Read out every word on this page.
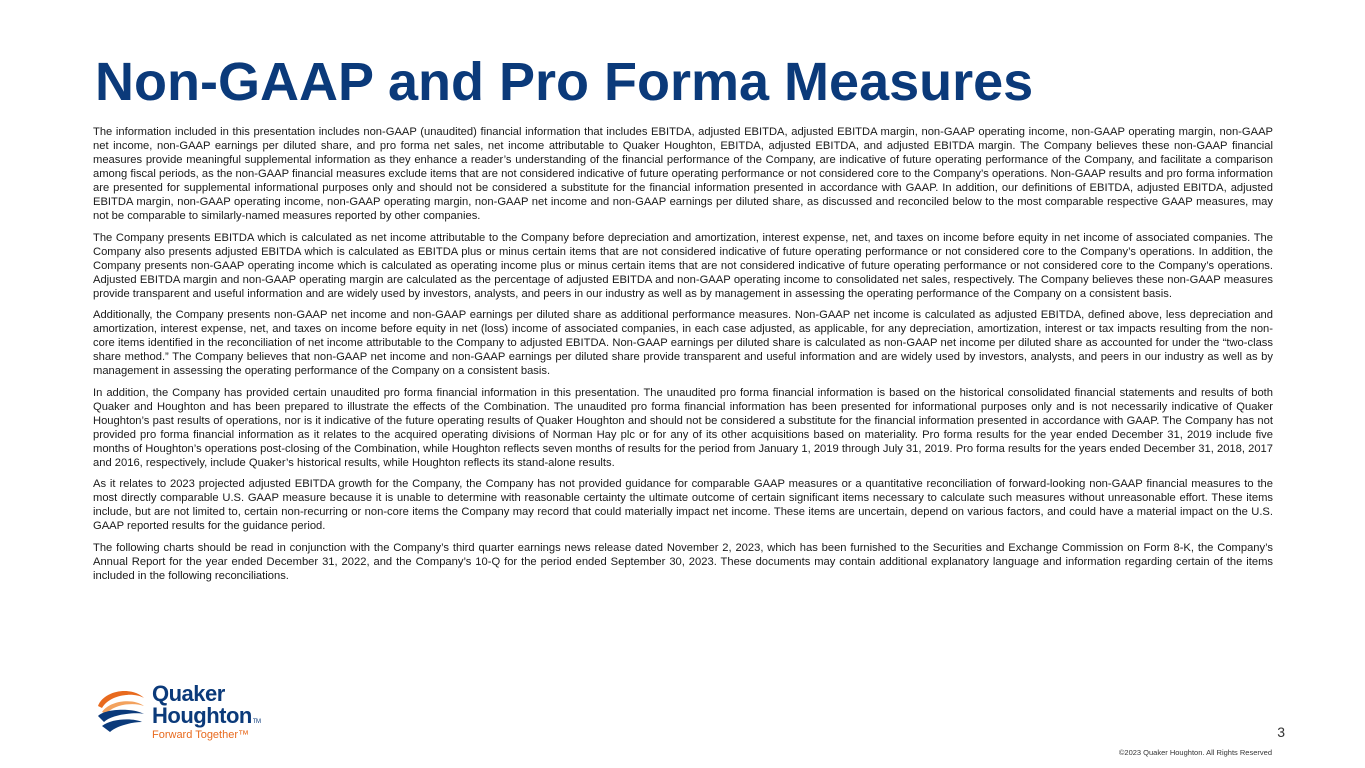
Non-GAAP and Pro Forma Measures

The information included in this presentation includes non-GAAP (unaudited) financial information that includes EBITDA, adjusted EBITDA, adjusted EBITDA margin, non-GAAP operating income, non-GAAP operating margin, non-GAAP net income, non-GAAP earnings per diluted share, and pro forma net sales, net income attributable to Quaker Houghton, EBITDA, adjusted EBITDA, and adjusted EBITDA margin. The Company believes these non-GAAP financial measures provide meaningful supplemental information as they enhance a reader’s understanding of the financial performance of the Company, are indicative of future operating performance of the Company, and facilitate a comparison among fiscal periods, as the non-GAAP financial measures exclude items that are not considered indicative of future operating performance or not considered core to the Company’s operations. Non-GAAP results and pro forma information are presented for supplemental informational purposes only and should not be considered a substitute for the financial information presented in accordance with GAAP. In addition, our definitions of EBITDA, adjusted EBITDA, adjusted EBITDA margin, non-GAAP operating income, non-GAAP operating margin, non-GAAP net income and non-GAAP earnings per diluted share, as discussed and reconciled below to the most comparable respective GAAP measures, may not be comparable to similarly-named measures reported by other companies.

The Company presents EBITDA which is calculated as net income attributable to the Company before depreciation and amortization, interest expense, net, and taxes on income before equity in net income of associated companies. The Company also presents adjusted EBITDA which is calculated as EBITDA plus or minus certain items that are not considered indicative of future operating performance or not considered core to the Company’s operations. In addition, the Company presents non-GAAP operating income which is calculated as operating income plus or minus certain items that are not considered indicative of future operating performance or not considered core to the Company’s operations. Adjusted EBITDA margin and non-GAAP operating margin are calculated as the percentage of adjusted EBITDA and non-GAAP operating income to consolidated net sales, respectively. The Company believes these non-GAAP measures provide transparent and useful information and are widely used by investors, analysts, and peers in our industry as well as by management in assessing the operating performance of the Company on a consistent basis.

Additionally, the Company presents non-GAAP net income and non-GAAP earnings per diluted share as additional performance measures. Non-GAAP net income is calculated as adjusted EBITDA, defined above, less depreciation and amortization, interest expense, net, and taxes on income before equity in net (loss) income of associated companies, in each case adjusted, as applicable, for any depreciation, amortization, interest or tax impacts resulting from the non-core items identified in the reconciliation of net income attributable to the Company to adjusted EBITDA. Non-GAAP earnings per diluted share is calculated as non-GAAP net income per diluted share as accounted for under the “two-class share method.” The Company believes that non-GAAP net income and non-GAAP earnings per diluted share provide transparent and useful information and are widely used by investors, analysts, and peers in our industry as well as by management in assessing the operating performance of the Company on a consistent basis.

In addition, the Company has provided certain unaudited pro forma financial information in this presentation. The unaudited pro forma financial information is based on the historical consolidated financial statements and results of both Quaker and Houghton and has been prepared to illustrate the effects of the Combination. The unaudited pro forma financial information has been presented for informational purposes only and is not necessarily indicative of Quaker Houghton’s past results of operations, nor is it indicative of the future operating results of Quaker Houghton and should not be considered a substitute for the financial information presented in accordance with GAAP. The Company has not provided pro forma financial information as it relates to the acquired operating divisions of Norman Hay plc or for any of its other acquisitions based on materiality. Pro forma results for the year ended December 31, 2019 include five months of Houghton’s operations post-closing of the Combination, while Houghton reflects seven months of results for the period from January 1, 2019 through July 31, 2019. Pro forma results for the years ended December 31, 2018, 2017 and 2016, respectively, include Quaker’s historical results, while Houghton reflects its stand-alone results.

As it relates to 2023 projected adjusted EBITDA growth for the Company, the Company has not provided guidance for comparable GAAP measures or a quantitative reconciliation of forward-looking non-GAAP financial measures to the most directly comparable U.S. GAAP measure because it is unable to determine with reasonable certainty the ultimate outcome of certain significant items necessary to calculate such measures without unreasonable effort. These items include, but are not limited to, certain non-recurring or non-core items the Company may record that could materially impact net income. These items are uncertain, depend on various factors, and could have a material impact on the U.S. GAAP reported results for the guidance period.

The following charts should be read in conjunction with the Company’s third quarter earnings news release dated November 2, 2023, which has been furnished to the Securities and Exchange Commission on Form 8-K, the Company’s Annual Report for the year ended December 31, 2022, and the Company’s 10-Q for the period ended September 30, 2023. These documents may contain additional explanatory language and information regarding certain of the items included in the following reconciliations.

Quaker
HoughtonTM
Forward Together™	3
©2023 Quaker Houghton. All Rights Reserved
